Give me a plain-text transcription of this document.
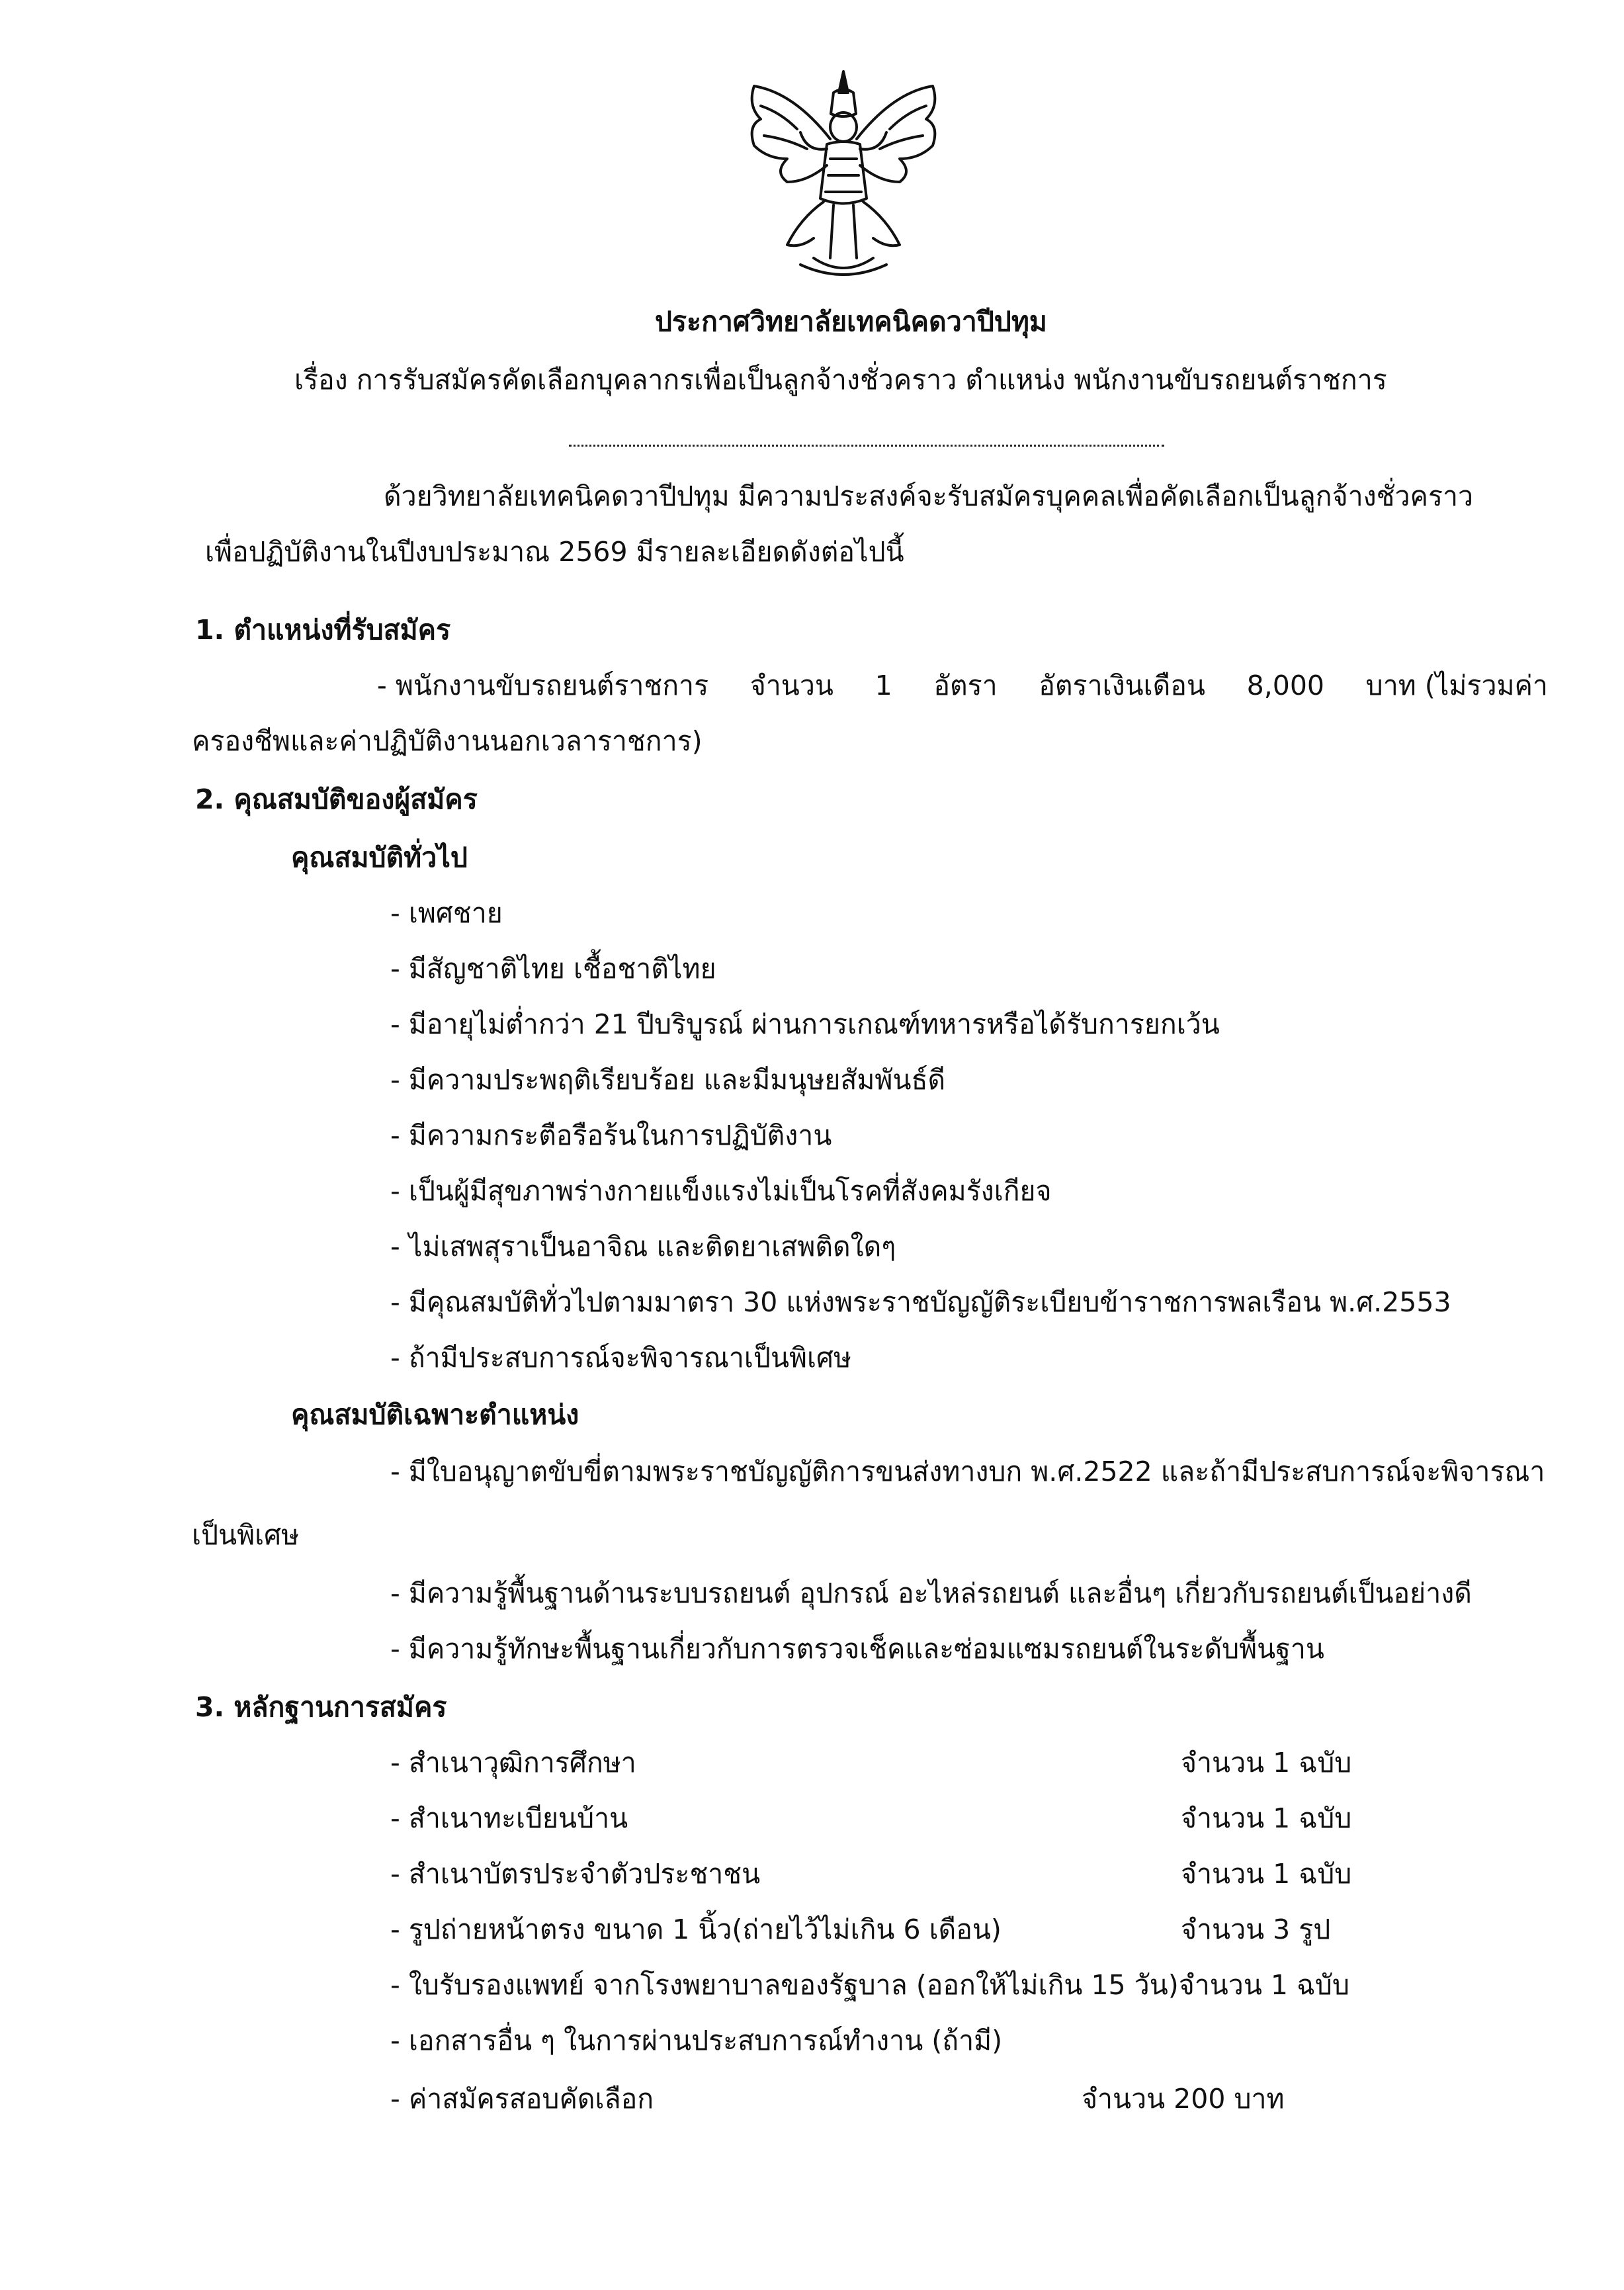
ประกาศวิทยาลัยเทคนิคดวาปีปทุม
เรื่อง การรับสมัครคัดเลือกบุคลากรเพื่อเป็นลูกจ้างชั่วคราว ตำแหน่ง พนักงานขับรถยนต์ราชการ
ด้วยวิทยาลัยเทคนิคดวาปีปทุม มีความประสงค์จะรับสมัครบุคคลเพื่อคัดเลือกเป็นลูกจ้างชั่วคราว
เพื่อปฏิบัติงานในปีงบประมาณ 2569 มีรายละเอียดดังต่อไปนี้
1. ตำแหน่งที่รับสมัคร
- พนักงานขับรถยนต์ราชการ จำนวน 1 อัตรา อัตราเงินเดือน 8,000 บาท (ไม่รวมค่า
ครองชีพและค่าปฏิบัติงานนอกเวลาราชการ)
2. คุณสมบัติของผู้สมัคร
คุณสมบัติทั่วไป
- เพศชาย
- มีสัญชาติไทย เชื้อชาติไทย
- มีอายุไม่ต่ำกว่า 21 ปีบริบูรณ์ ผ่านการเกณฑ์ทหารหรือได้รับการยกเว้น
- มีความประพฤติเรียบร้อย และมีมนุษยสัมพันธ์ดี
- มีความกระตือรือร้นในการปฏิบัติงาน
- เป็นผู้มีสุขภาพร่างกายแข็งแรงไม่เป็นโรคที่สังคมรังเกียจ
- ไม่เสพสุราเป็นอาจิณ และติดยาเสพติดใดๆ
- มีคุณสมบัติทั่วไปตามมาตรา 30 แห่งพระราชบัญญัติระเบียบข้าราชการพลเรือน พ.ศ.2553
- ถ้ามีประสบการณ์จะพิจารณาเป็นพิเศษ
คุณสมบัติเฉพาะตำแหน่ง
- มีใบอนุญาตขับขี่ตามพระราชบัญญัติการขนส่งทางบก พ.ศ.2522 และถ้ามีประสบการณ์จะพิจารณา
เป็นพิเศษ
- มีความรู้พื้นฐานด้านระบบรถยนต์ อุปกรณ์ อะไหล่รถยนต์ และอื่นๆ เกี่ยวกับรถยนต์เป็นอย่างดี
- มีความรู้ทักษะพื้นฐานเกี่ยวกับการตรวจเช็คและซ่อมแซมรถยนต์ในระดับพื้นฐาน
3. หลักฐานการสมัคร
- สำเนาวุฒิการศึกษา	จำนวน 1 ฉบับ
- สำเนาทะเบียนบ้าน	จำนวน 1 ฉบับ
- สำเนาบัตรประจำตัวประชาชน	จำนวน 1 ฉบับ
- รูปถ่ายหน้าตรง ขนาด 1 นิ้ว(ถ่ายไว้ไม่เกิน 6 เดือน)	จำนวน 3 รูป
- ใบรับรองแพทย์ จากโรงพยาบาลของรัฐบาล (ออกให้ไม่เกิน 15 วัน)จำนวน 1 ฉบับ
- เอกสารอื่น ๆ ในการผ่านประสบการณ์ทำงาน (ถ้ามี)
- ค่าสมัครสอบคัดเลือก	จำนวน 200 บาท
